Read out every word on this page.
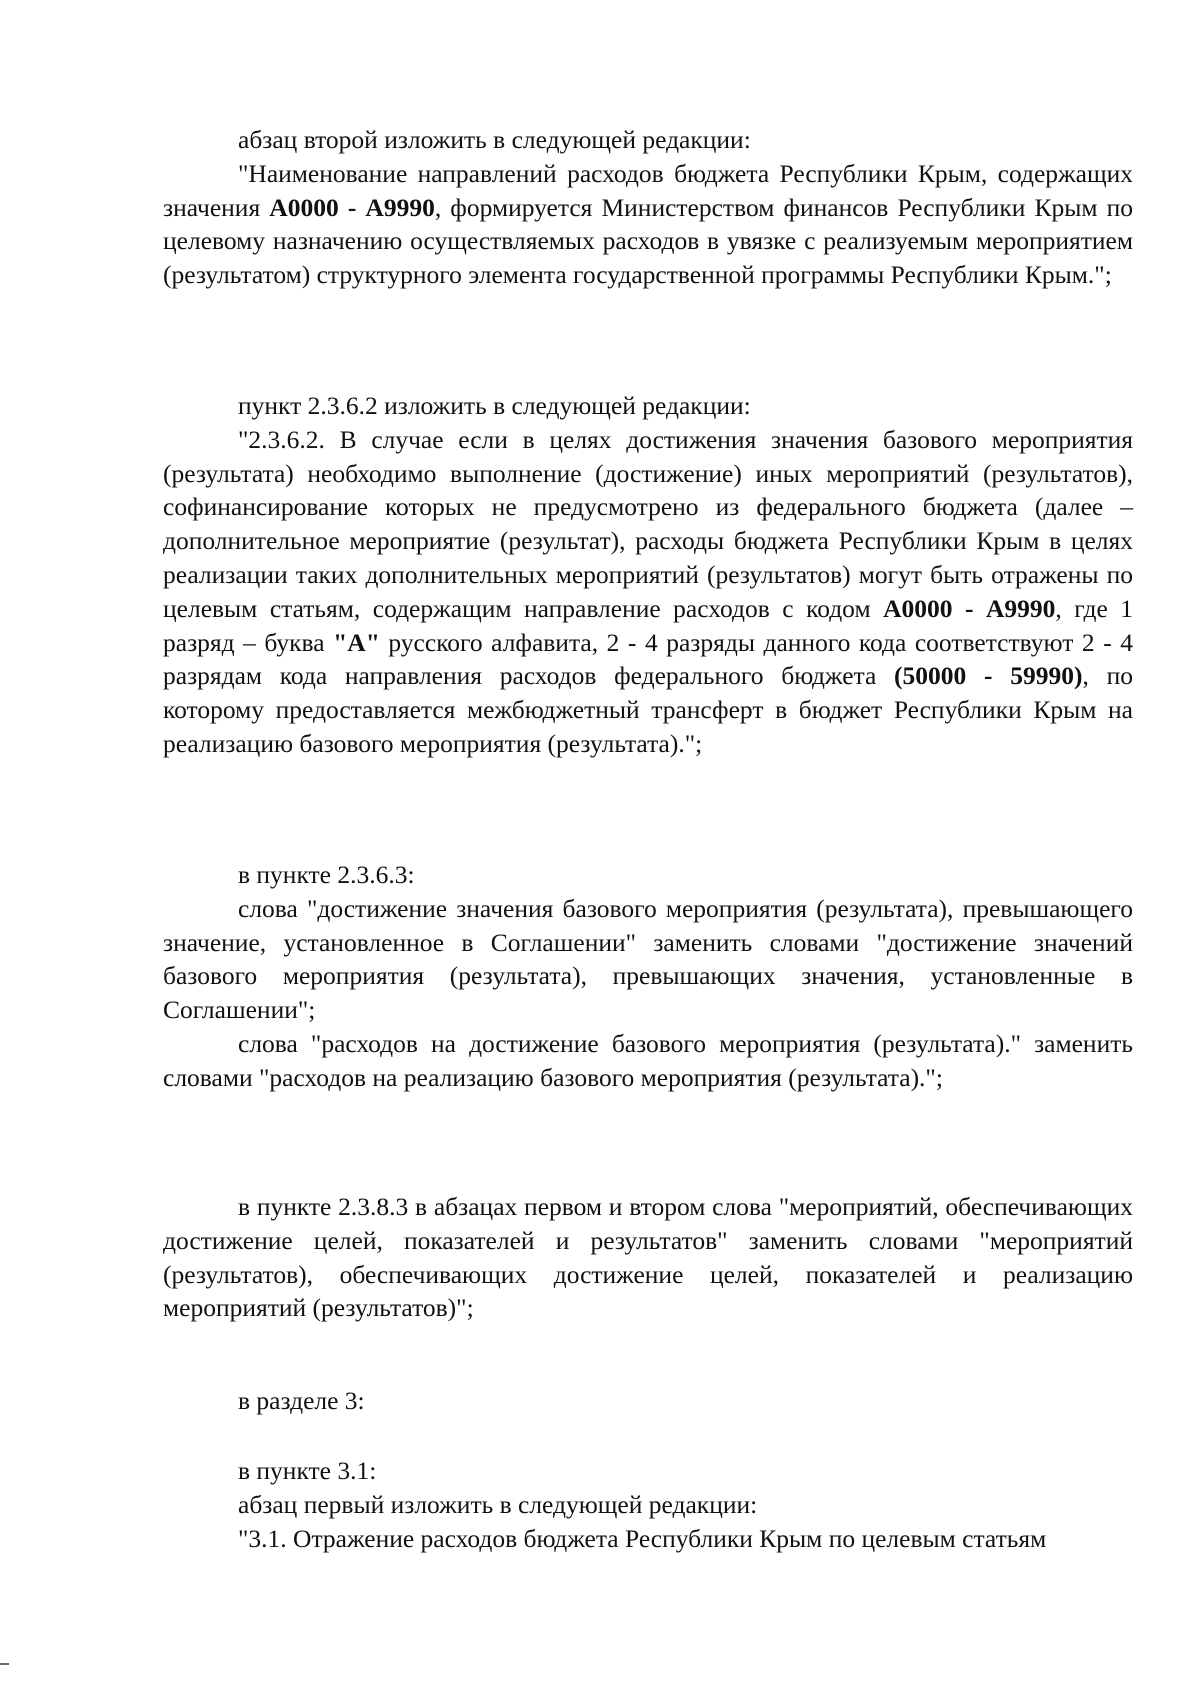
абзац второй изложить в следующей редакции:

"Наименование направлений расходов бюджета Республики Крым, содержащих значения А0000 - А9990, формируется Министерством финансов Республики Крым по целевому назначению осуществляемых расходов в увязке с реализуемым мероприятием (результатом) структурного элемента государственной программы Республики Крым.";

пункт 2.3.6.2 изложить в следующей редакции:

"2.3.6.2. В случае если в целях достижения значения базового мероприятия (результата) необходимо выполнение (достижение) иных мероприятий (результатов), софинансирование которых не предусмотрено из федерального бюджета (далее – дополнительное мероприятие (результат), расходы бюджета Республики Крым в целях реализации таких дополнительных мероприятий (результатов) могут быть отражены по целевым статьям, содержащим направление расходов с кодом А0000 - А9990, где 1 разряд – буква "А" русского алфавита, 2 - 4 разряды данного кода соответствуют 2 - 4 разрядам кода направления расходов федерального бюджета (50000 - 59990), по которому предоставляется межбюджетный трансферт в бюджет Республики Крым на реализацию базового мероприятия (результата).";

в пункте 2.3.6.3:

слова "достижение значения базового мероприятия (результата), превышающего значение, установленное в Соглашении" заменить словами "достижение значений базового мероприятия (результата), превышающих значения, установленные в Соглашении";

слова "расходов на достижение базового мероприятия (результата)." заменить словами "расходов на реализацию базового мероприятия (результата).";

в пункте 2.3.8.3 в абзацах первом и втором слова "мероприятий, обеспечивающих достижение целей, показателей и результатов" заменить словами "мероприятий (результатов), обеспечивающих достижение целей, показателей и реализацию мероприятий (результатов)";

в разделе 3:

в пункте 3.1:

абзац первый изложить в следующей редакции:

"3.1. Отражение расходов бюджета Республики Крым по целевым статьям
